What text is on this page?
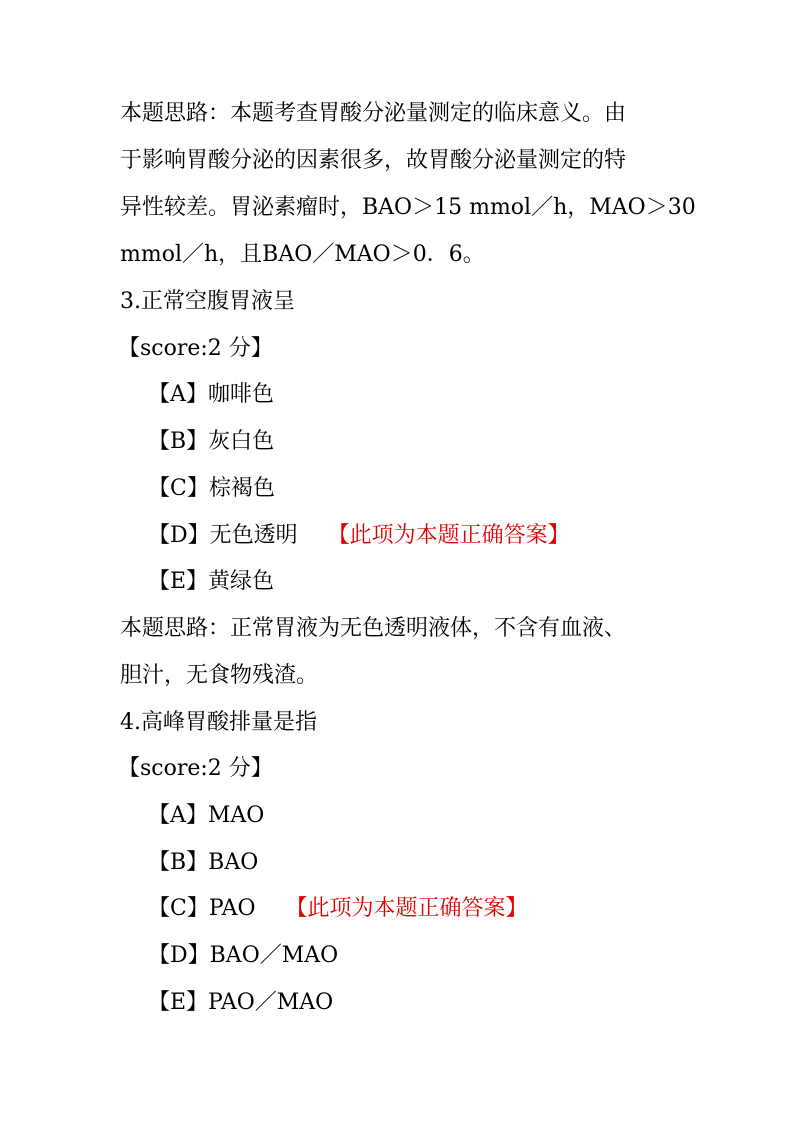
本题思路：本题考查胃酸分泌量测定的临床意义。由
于影响胃酸分泌的因素很多，故胃酸分泌量测定的特
异性较差。胃泌素瘤时，BAO＞15 mmol／h，MAO＞30
mmol／h，且BAO／MAO＞0．6。
3.正常空腹胃液呈
【score:2 分】
【A】咖啡色
【B】灰白色
【C】棕褐色
【D】无色透明 【此项为本题正确答案】
【E】黄绿色
本题思路：正常胃液为无色透明液体，不含有血液、
胆汁，无食物残渣。
4.高峰胃酸排量是指
【score:2 分】
【A】MAO
【B】BAO
【C】PAO 【此项为本题正确答案】
【D】BAO／MAO
【E】PAO／MAO
